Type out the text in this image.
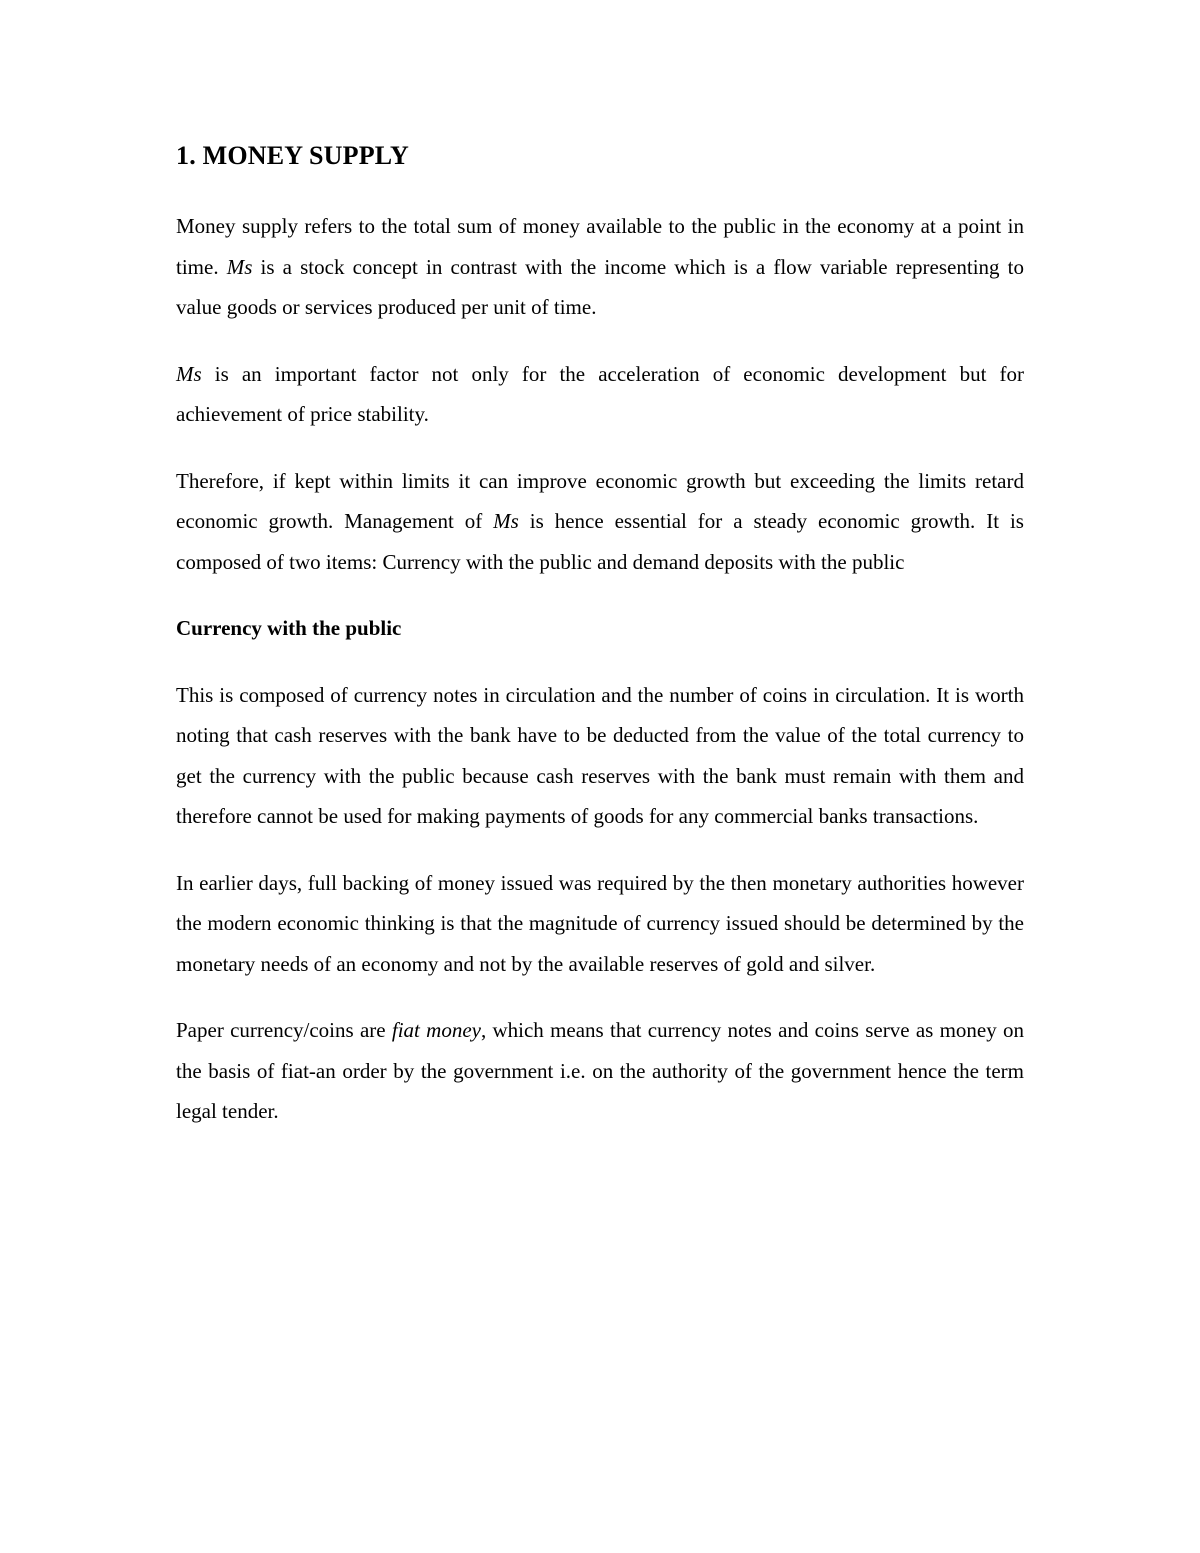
1. MONEY SUPPLY

Money supply refers to the total sum of money available to the public in the economy at a point in time. Ms is a stock concept in contrast with the income which is a flow variable representing to value goods or services produced per unit of time.

Ms is an important factor not only for the acceleration of economic development but for achievement of price stability.

Therefore, if kept within limits it can improve economic growth but exceeding the limits retard economic growth. Management of Ms is hence essential for a steady economic growth. It is composed of two items: Currency with the public and demand deposits with the public

Currency with the public

This is composed of currency notes in circulation and the number of coins in circulation. It is worth noting that cash reserves with the bank have to be deducted from the value of the total currency to get the currency with the public because cash reserves with the bank must remain with them and therefore cannot be used for making payments of goods for any commercial banks transactions.

In earlier days, full backing of money issued was required by the then monetary authorities however the modern economic thinking is that the magnitude of currency issued should be determined by the monetary needs of an economy and not by the available reserves of gold and silver.

Paper currency/coins are fiat money, which means that currency notes and coins serve as money on the basis of fiat-an order by the government i.e. on the authority of the government hence the term legal tender.
